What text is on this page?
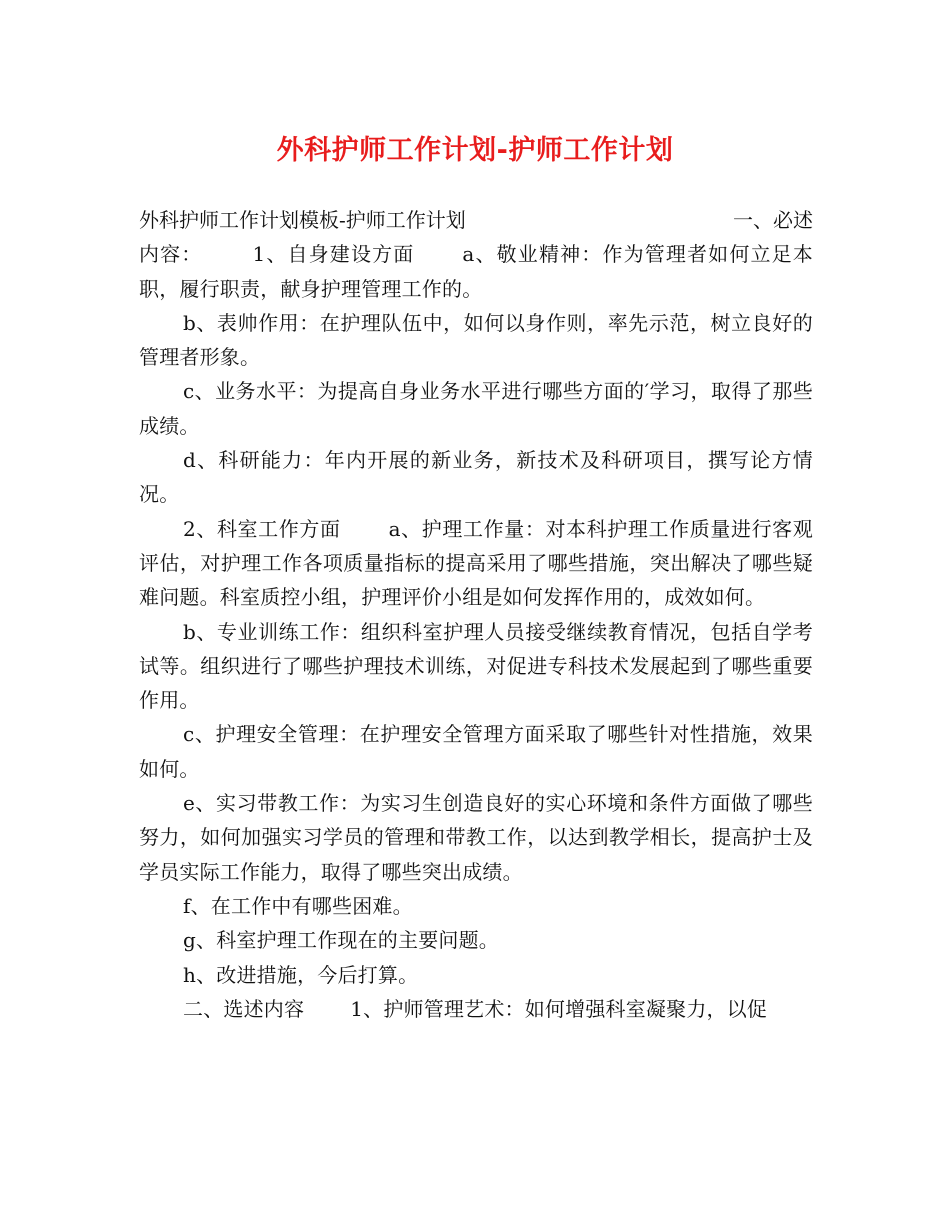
外科护师工作计划-护师工作计划
外科护师工作计划模板-护师工作计划	一、必述

内容：	1、自身建设方面 a、敬业精神：作为管理者如何立足本职，履行职责，献身护理管理工作的。

b、表帅作用：在护理队伍中，如何以身作则，率先示范，树立良好的管理者形象。

c、业务水平：为提高自身业务水平进行哪些方面的′学习，取得了那些成绩。

d、科研能力：年内开展的新业务，新技术及科研项目，撰写论方情况。

2、科室工作方面 a、护理工作量：对本科护理工作质量进行客观评估，对护理工作各项质量指标的提高采用了哪些措施，突出解决了哪些疑难问题。科室质控小组，护理评价小组是如何发挥作用的，成效如何。

b、专业训练工作：组织科室护理人员接受继续教育情况，包括自学考试等。组织进行了哪些护理技术训练，对促进专科技术发展起到了哪些重要作用。

c、护理安全管理：在护理安全管理方面采取了哪些针对性措施，效果如何。

e、实习带教工作：为实习生创造良好的实心环境和条件方面做了哪些努力，如何加强实习学员的管理和带教工作，以达到教学相长，提高护士及学员实际工作能力，取得了哪些突出成绩。

f、在工作中有哪些困难。

g、科室护理工作现在的主要问题。

h、改进措施，今后打算。

二、选述内容 1、护师管理艺术：如何增强科室凝聚力，以促
